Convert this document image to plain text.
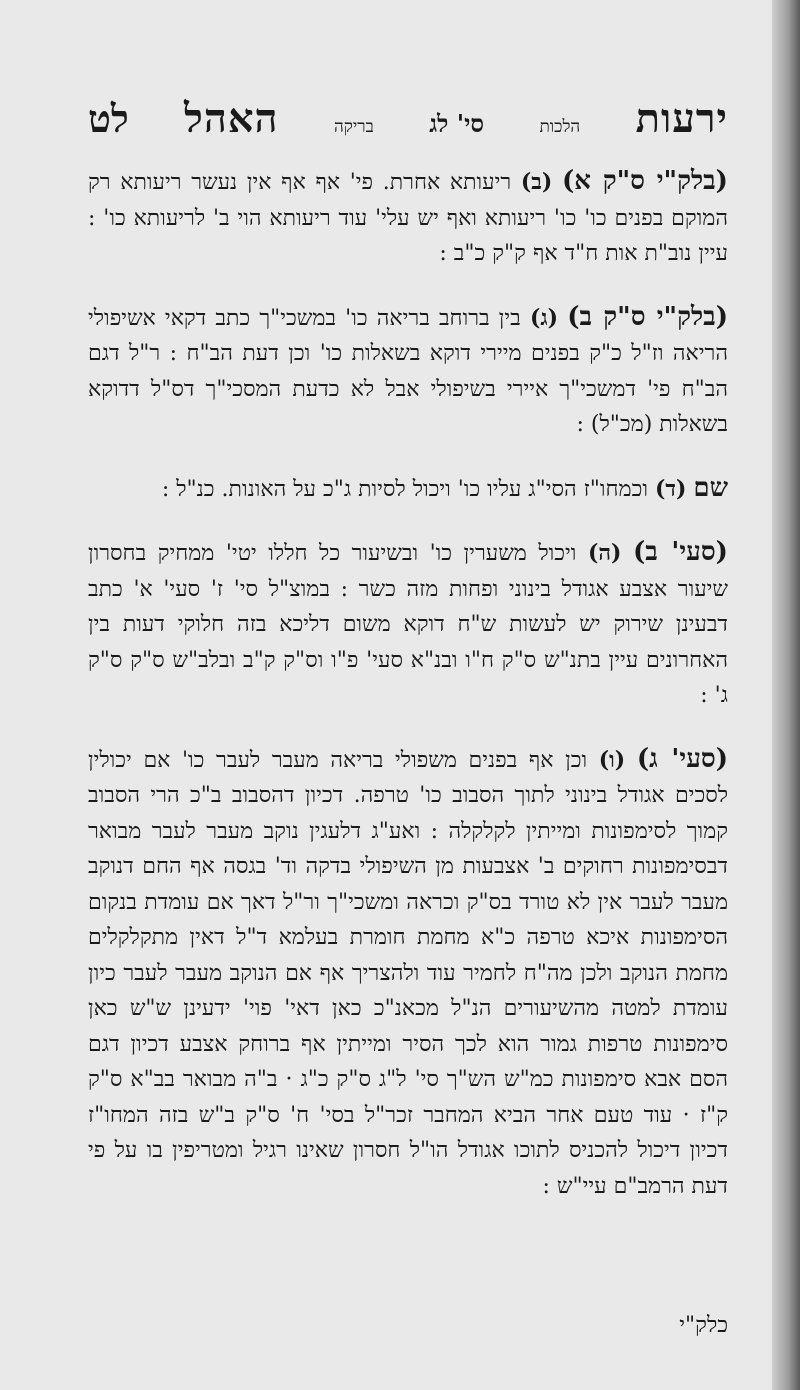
ירעות
הלכות
סי' לג
בריקה
האהל
לט

(בלק"י ס"ק א) (ב) ריעותא אחרת. פי' אף אף אין נעשר ריעותא רק המוקם בפנים כו' כו' ריעותא ואף יש עלי' עוד ריעותא הוי ב' לריעותא כו' : עיין נוב"ת אות ח"ד אף ק"ק כ"ב :

(בלק"י ס"ק ב) (ג) בין ברוחב בריאה כו' במשכי"ך כתב דקאי אשיפולי הריאה וז"ל כ"ק בפנים מיירי דוקא בשאלות כו' וכן דעת הב"ח : ר"ל דגם הב"ח פי' דמשכי"ך איירי בשיפולי אבל לא כדעת המסכי"ך דס"ל דדוקא בשאלות (מכ"ל) :

שם (ד) וכמחו"ז הסי"ג עליו כו' ויכול לסיות ג"כ על האונות. כנ"ל :

(סעי' ב) (ה) ויכול משערין כו' ובשיעור כל חללו יטי' ממחיק בחסרון שיעור אצבע אגודל בינוני ופחות מזה כשר : במוצ"ל סי' ז' סעי' א' כתב דבעינן שירוק יש לעשות ש"ח דוקא משום דליכא בזה חלוקי דעות בין האחרונים עיין בתנ"ש ס"ק ח"ו ובנ"א סעי' פ"ו וס"ק ק"ב ובלב"ש ס"ק ס"ק ג' :

(סעי' ג) (ו) וכן אף בפנים משפולי בריאה מעבר לעבר כו' אם יכולין לסכים אגודל בינוני לתוך הסבוב כו' טרפה. דכיון דהסבוב ב"כ הרי הסבוב קמוך לסימפונות ומייתין לקלקלה : ואע"ג דלעגין נוקב מעבר לעבר מבואר דבסימפונות רחוקים ב' אצבעות מן השיפולי בדקה וד' בגסה אף החם דנוקב מעבר לעבר אין לא טורד בס"ק וכראה ומשכי"ך ור"ל דאך אם עומדת בנקום הסימפונות איכא טרפה כ"א מחמת חומרת בעלמא ד"ל דאין מתקלקלים מחמת הנוקב ולכן מה"ח לחמיר עוד ולהצריך אף אם הנוקב מעבר לעבר כיון עומדת למטה מהשיעורים הנ"ל מכאנ"כ כאן דאי' פוי' ידעינן ש"ש כאן סימפונות טרפות גמור הוא לכך הסיר ומייתין אף ברוחק אצבע דכיון דגם הסם אבא סימפונות כמ"ש הש"ך סי' ל"ג ס"ק כ"ג · ב"ה מבואר בב"א ס"ק ק"ז · עוד טעם אחר הביא המחבר זכר"ל בסי' ח' ס"ק ב"ש בזה המחו"ז דכיון דיכול להכניס לתוכו אגודל הו"ל חסרון שאינו רגיל ומטריפין בו על פי דעת הרמב"ם עיי"ש :

כלק"י
